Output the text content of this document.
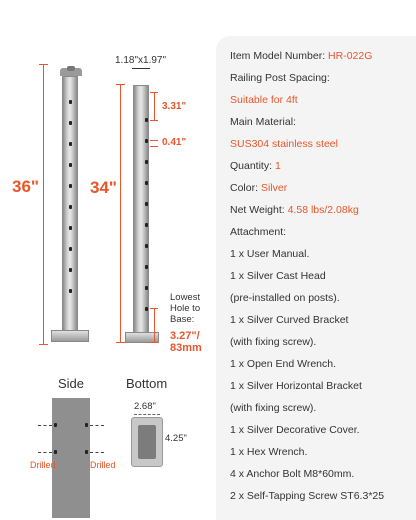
36"	34"
1.18"x1.97"
3.31"
0.41"
Lowest Hole to Base:
3.27"/ 83mm
Side
Drilled	Drilled
Bottom
2.68"
4.25"
Item Model Number: HR-022G
Railing Post Spacing:
Suitable for 4ft
Main Material:
SUS304 stainless steel
Quantity: 1
Color: Silver
Net Weight: 4.58 lbs/2.08kg
Attachment:
1 x User Manual.
1 x Silver Cast Head
(pre-installed on posts).
1 x Silver Curved Bracket
(with fixing screw).
1 x Open End Wrench.
1 x Silver Horizontal Bracket
(with fixing screw).
1 x Silver Decorative Cover.
1 x Hex Wrench.
4 x Anchor Bolt M8*60mm.
2 x Self-Tapping Screw ST6.3*25
